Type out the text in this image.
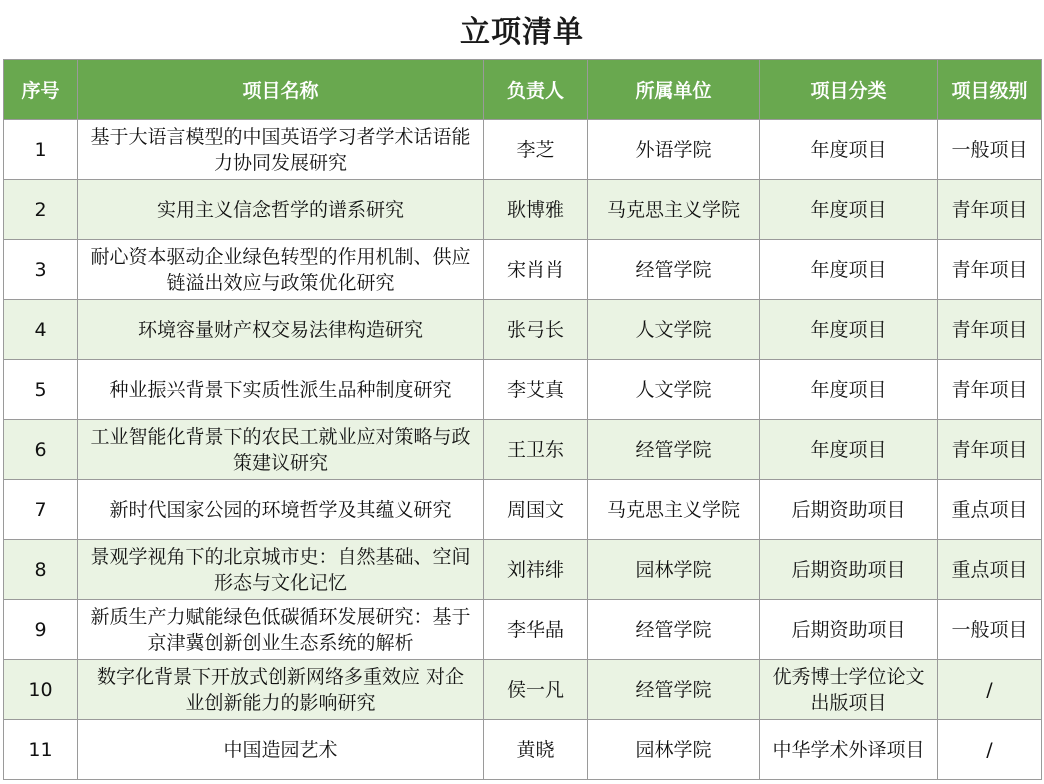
立项清单
序号	项目名称	负责人	所属单位	项目分类	项目级别
1	基于大语言模型的中国英语学习者学术话语能力协同发展研究	李芝	外语学院	年度项目	一般项目
2	实用主义信念哲学的谱系研究	耿博雅	马克思主义学院	年度项目	青年项目
3	耐心资本驱动企业绿色转型的作用机制、供应链溢出效应与政策优化研究	宋肖肖	经管学院	年度项目	青年项目
4	环境容量财产权交易法律构造研究	张弓长	人文学院	年度项目	青年项目
5	种业振兴背景下实质性派生品种制度研究	李艾真	人文学院	年度项目	青年项目
6	工业智能化背景下的农民工就业应对策略与政策建议研究	王卫东	经管学院	年度项目	青年项目
7	新时代国家公园的环境哲学及其蕴义研究	周国文	马克思主义学院	后期资助项目	重点项目
8	景观学视角下的北京城市史：自然基础、空间形态与文化记忆	刘祎绯	园林学院	后期资助项目	重点项目
9	新质生产力赋能绿色低碳循环发展研究：基于京津冀创新创业生态系统的解析	李华晶	经管学院	后期资助项目	一般项目
10	数字化背景下开放式创新网络多重效应 对企业创新能力的影响研究	侯一凡	经管学院	优秀博士学位论文出版项目	/
11	中国造园艺术	黄晓	园林学院	中华学术外译项目	/
